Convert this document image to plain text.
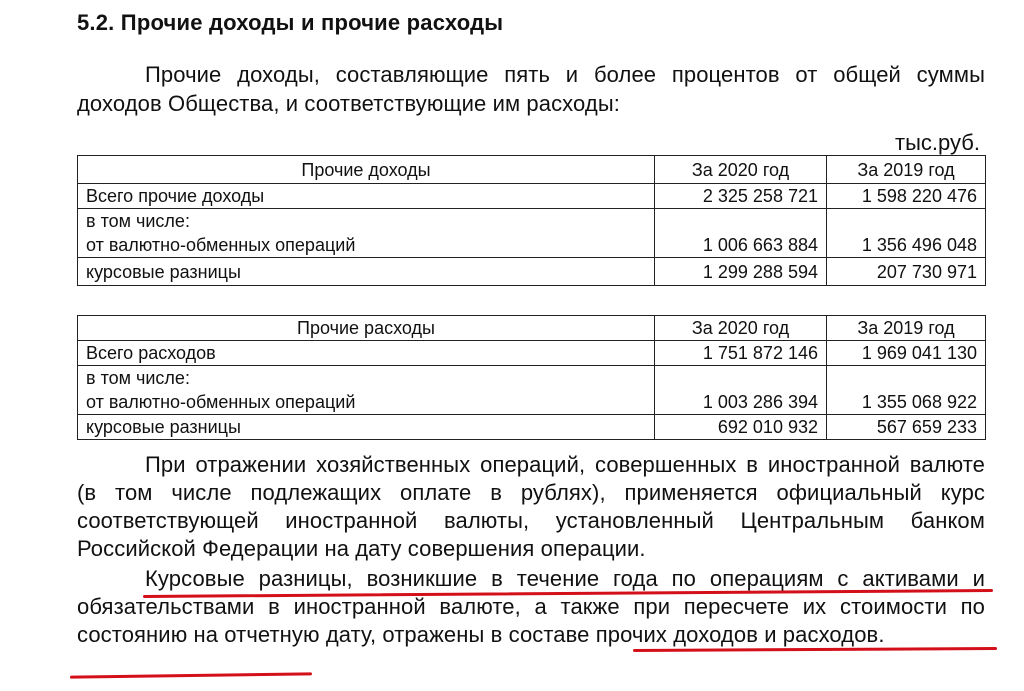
5.2. Прочие доходы и прочие расходы
Прочие доходы, составляющие пять и более процентов от общей суммы доходов Общества, и соответствующие им расходы:
тыс.руб.
Прочие доходы	За 2020 год	За 2019 год
Всего прочие доходы	2 325 258 721	1 598 220 476
в том числе:		
от валютно-обменных операций	1 006 663 884	1 356 496 048
курсовые разницы	1 299 288 594	207 730 971
Прочие расходы	За 2020 год	За 2019 год
Всего расходов	1 751 872 146	1 969 041 130
в том числе:		
от валютно-обменных операций	1 003 286 394	1 355 068 922
курсовые разницы	692 010 932	567 659 233
При отражении хозяйственных операций, совершенных в иностранной валюте (в том числе подлежащих оплате в рублях), применяется официальный курс соответствующей иностранной валюты, установленный Центральным банком Российской Федерации на дату совершения операции.
Курсовые разницы, возникшие в течение года по операциям с активами и обязательствами в иностранной валюте, а также при пересчете их стоимости по состоянию на отчетную дату, отражены в составе прочих доходов и расходов.
